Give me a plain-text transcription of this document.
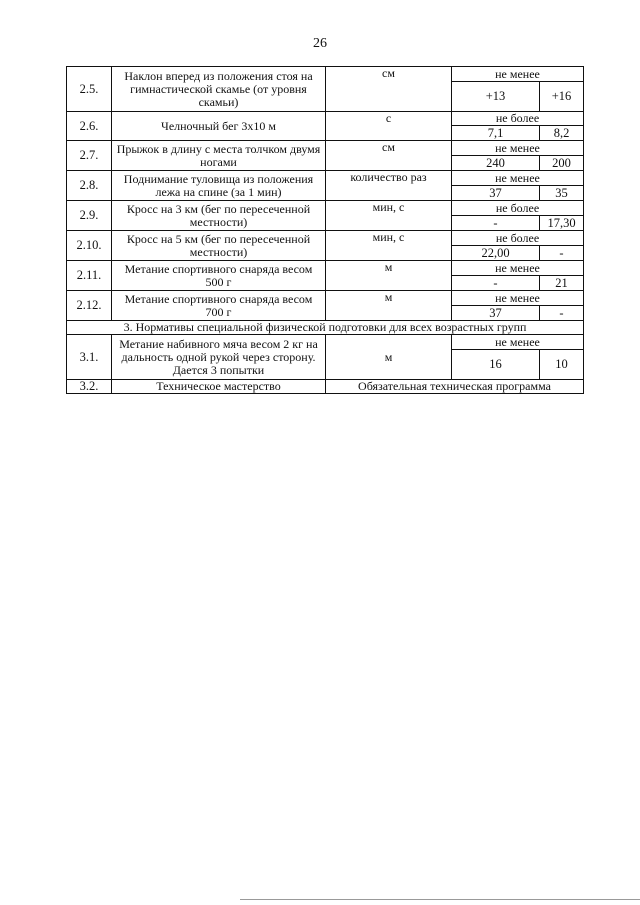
26
2.5.	Наклон вперед из положения стоя на гимнастической скамье (от уровня скамьи)	см	не менее	
			+13	+16
2.6.	Челночный бег 3х10 м	с	не более	
			7,1	8,2
2.7.	Прыжок в длину с места толчком двумя ногами	см	не менее	
			240	200
2.8.	Поднимание туловища из положения лежа на спине (за 1 мин)	количество раз	не менее	
			37	35
2.9.	Кросс на 3 км (бег по пересеченной местности)	мин, с	не более	
			-	17,30
2.10.	Кросс на 5 км (бег по пересеченной местности)	мин, с	не более	
			22,00	-
2.11.	Метание спортивного снаряда весом 500 г	м	не менее	
			-	21
2.12.	Метание спортивного снаряда весом 700 г	м	не менее	
			37	-
3. Нормативы специальной физической подготовки для всех возрастных групп				
3.1.	Метание набивного мяча весом 2 кг на дальность одной рукой через сторону. Дается 3 попытки	м	не менее	
			16	10
3.2.	Техническое мастерство	Обязательная техническая программа		
